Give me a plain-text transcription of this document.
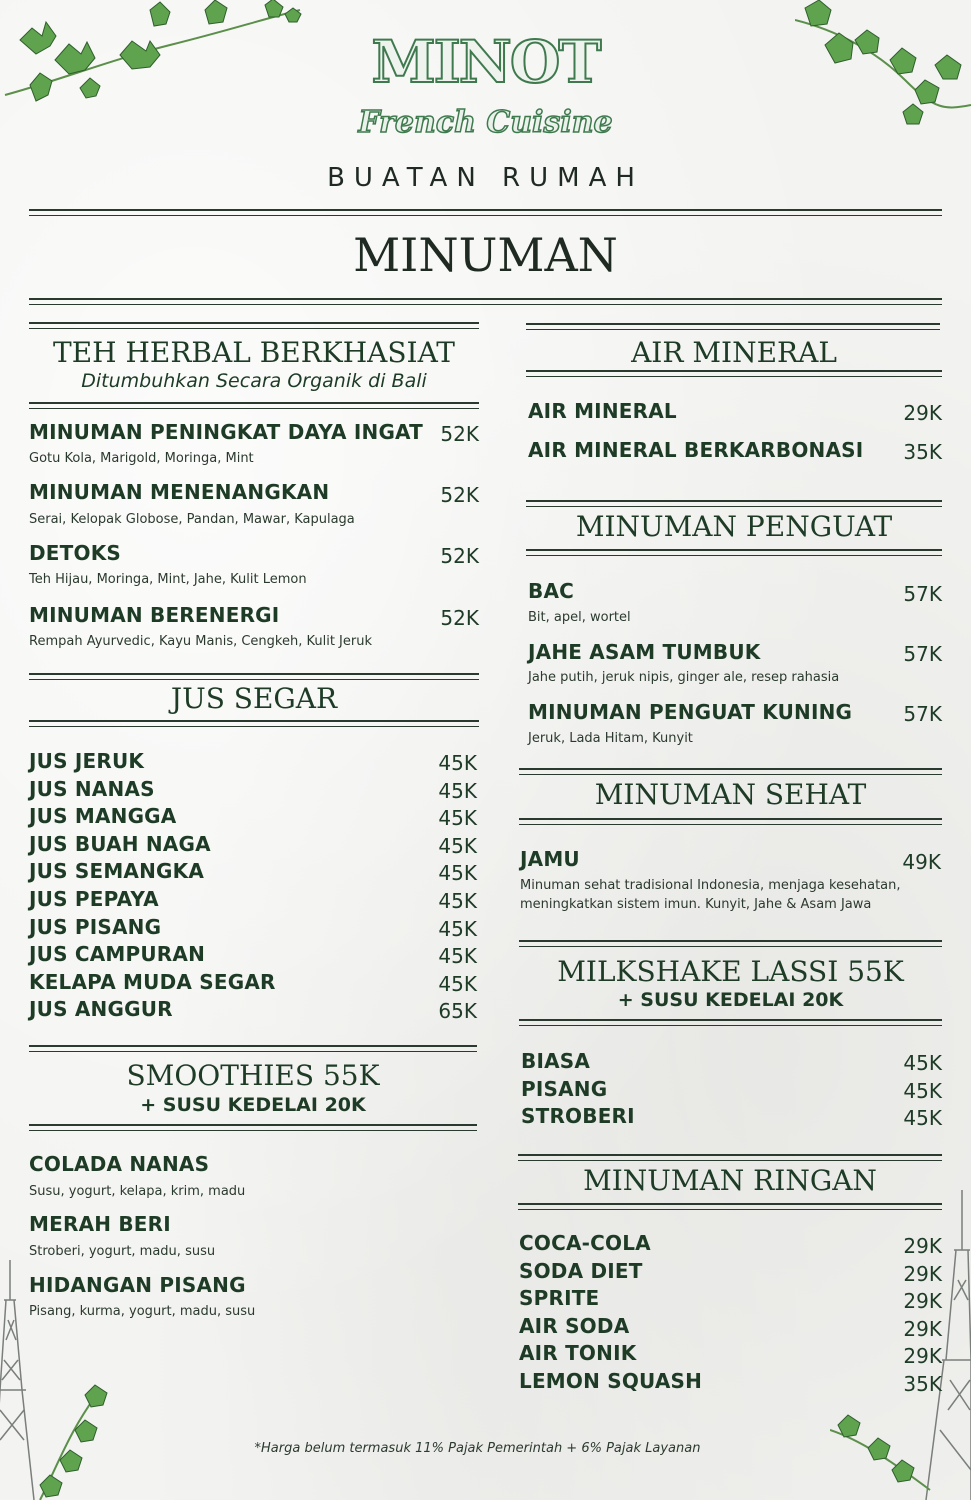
MINOT
French Cuisine
BUATAN RUMAH
MINUMAN
TEH HERBAL BERKHASIAT
Ditumbuhkan Secara Organik di Bali
MINUMAN PENINGKAT DAYA INGAT 52K
Gotu Kola, Marigold, Moringa, Mint
MINUMAN MENENANGKAN	52K
Serai, Kelopak Globose, Pandan, Mawar, Kapulaga
DETOKS	52K
Teh Hijau, Moringa, Mint, Jahe, Kulit Lemon
MINUMAN BERENERGI	52K
Rempah Ayurvedic, Kayu Manis, Cengkeh, Kulit Jeruk
JUS SEGAR
JUS JERUK	45K
JUS NANAS	45K
JUS MANGGA	45K
JUS BUAH NAGA	45K
JUS SEMANGKA	45K
JUS PEPAYA	45K
JUS PISANG	45K
JUS CAMPURAN	45K
KELAPA MUDA SEGAR	45K
JUS ANGGUR	65K
SMOOTHIES 55K
+ SUSU KEDELAI 20K
COLADA NANAS
Susu, yogurt, kelapa, krim, madu
MERAH BERI
Stroberi, yogurt, madu, susu
HIDANGAN PISANG
Pisang, kurma, yogurt, madu, susu
AIR MINERAL
AIR MINERAL	29K
AIR MINERAL BERKARBONASI	35K
MINUMAN PENGUAT
BAC	57K
Bit, apel, wortel
JAHE ASAM TUMBUK	57K
Jahe putih, jeruk nipis, ginger ale, resep rahasia
MINUMAN PENGUAT KUNING	57K
Jeruk, Lada Hitam, Kunyit
MINUMAN SEHAT
JAMU	49K
Minuman sehat tradisional Indonesia, menjaga kesehatan,
meningkatkan sistem imun. Kunyit, Jahe & Asam Jawa
MILKSHAKE LASSI 55K
+ SUSU KEDELAI 20K
BIASA	45K
PISANG	45K
STROBERI	45K
MINUMAN RINGAN
COCA-COLA	29K
SODA DIET	29K
SPRITE	29K
AIR SODA	29K
AIR TONIK	29K
LEMON SQUASH	35K
*Harga belum termasuk 11% Pajak Pemerintah + 6% Pajak Layanan
